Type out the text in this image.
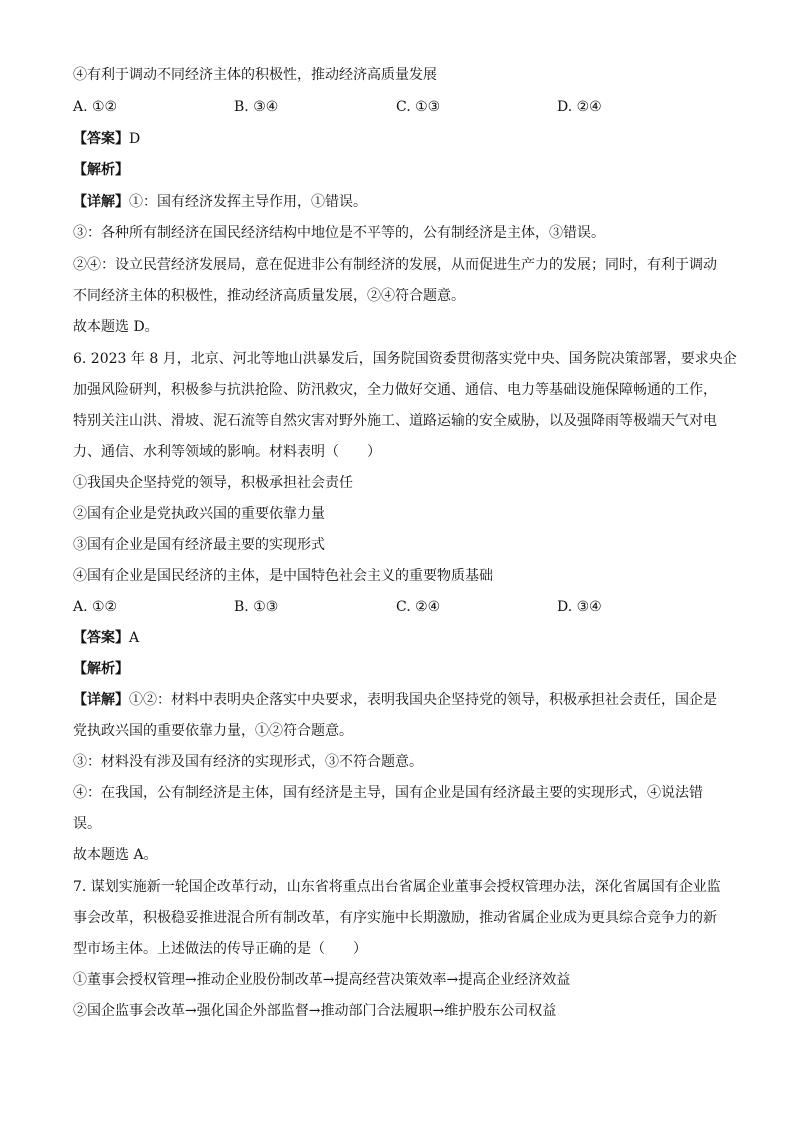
④有利于调动不同经济主体的积极性，推动经济高质量发展
A. ①②	B. ③④	C. ①③	D. ②④
【答案】D
【解析】
【详解】①：国有经济发挥主导作用，①错误。
③：各种所有制经济在国民经济结构中地位是不平等的，公有制经济是主体，③错误。
②④：设立民营经济发展局，意在促进非公有制经济的发展，从而促进生产力的发展；同时，有利于调动
不同经济主体的积极性，推动经济高质量发展，②④符合题意。
故本题选 D。
6. 2023 年 8 月，北京、河北等地山洪暴发后，国务院国资委贯彻落实党中央、国务院决策部署，要求央企
加强风险研判，积极参与抗洪抢险、防汛救灾，全力做好交通、通信、电力等基础设施保障畅通的工作，
特别关注山洪、滑坡、泥石流等自然灾害对野外施工、道路运输的安全威胁，以及强降雨等极端天气对电
力、通信、水利等领域的影响。材料表明（　　）
①我国央企坚持党的领导，积极承担社会责任
②国有企业是党执政兴国的重要依靠力量
③国有企业是国有经济最主要的实现形式
④国有企业是国民经济的主体，是中国特色社会主义的重要物质基础
A. ①②	B. ①③	C. ②④	D. ③④
【答案】A
【解析】
【详解】①②：材料中表明央企落实中央要求，表明我国央企坚持党的领导，积极承担社会责任，国企是
党执政兴国的重要依靠力量，①②符合题意。
③：材料没有涉及国有经济的实现形式，③不符合题意。
④：在我国，公有制经济是主体，国有经济是主导，国有企业是国有经济最主要的实现形式，④说法错
误。
故本题选 A。
7. 谋划实施新一轮国企改革行动，山东省将重点出台省属企业董事会授权管理办法，深化省属国有企业监
事会改革，积极稳妥推进混合所有制改革，有序实施中长期激励，推动省属企业成为更具综合竞争力的新
型市场主体。上述做法的传导正确的是（　　）
①董事会授权管理→推动企业股份制改革→提高经营决策效率→提高企业经济效益
②国企监事会改革→强化国企外部监督→推动部门合法履职→维护股东公司权益
